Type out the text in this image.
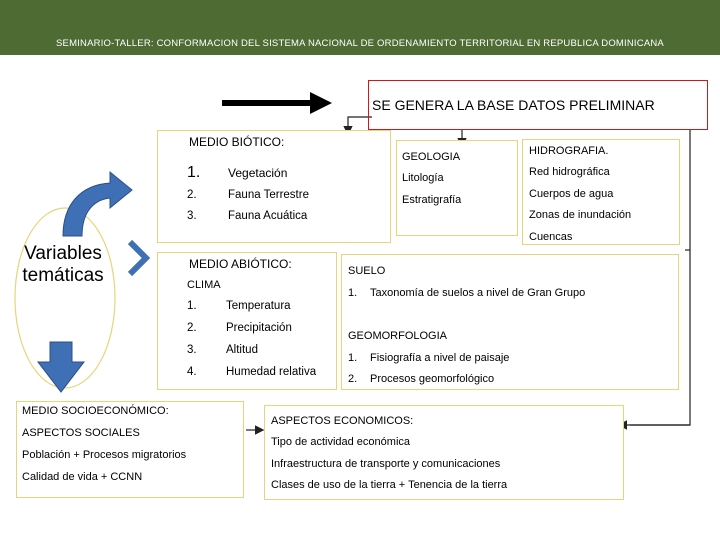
SEMINARIO-TALLER: CONFORMACION DEL SISTEMA NACIONAL DE ORDENAMIENTO TERRITORIAL EN REPUBLICA DOMINICANA
SE GENERA LA BASE DATOS PRELIMINAR
MEDIO BIÓTICO:
1. Vegetación
2.	Fauna Terrestre
3.	Fauna Acuática
GEOLOGIA
Litología
Estratigrafía
HIDROGRAFIA.
Red hidrográfica
Cuerpos de agua
Zonas de inundación
Cuencas
MEDIO ABIÓTICO:
CLIMA
1.	Temperatura
2.	Precipitación
3.	Altitud
4.	Humedad relativa
SUELO
1. Taxonomía de suelos a nivel de Gran Grupo
GEOMORFOLOGIA
1. Fisiografía a nivel de paisaje
2. Procesos geomorfológico
MEDIO SOCIOECONÓMICO:
ASPECTOS SOCIALES
Población + Procesos migratorios
Calidad de vida + CCNN
ASPECTOS ECONOMICOS:
Tipo de actividad económica
Infraestructura de transporte y comunicaciones
Clases de uso de la tierra + Tenencia de la tierra
Variables
temáticas
